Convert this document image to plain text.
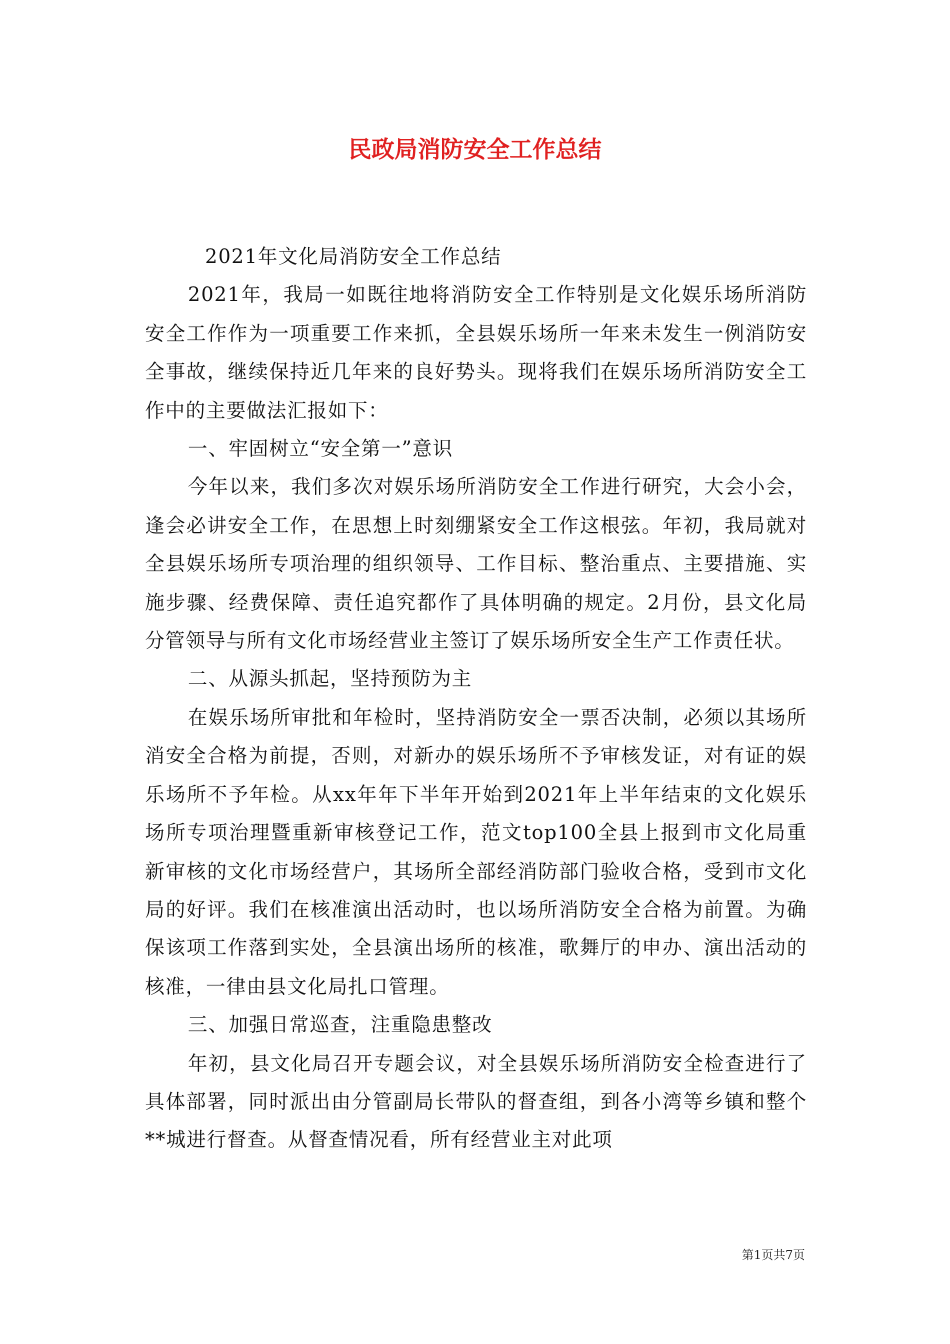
民政局消防安全工作总结

2021年文化局消防安全工作总结

2021年，我局一如既往地将消防安全工作特别是文化娱乐场所消防安全工作作为一项重要工作来抓，全县娱乐场所一年来未发生一例消防安全事故，继续保持近几年来的良好势头。现将我们在娱乐场所消防安全工作中的主要做法汇报如下：

一、牢固树立“安全第一”意识

今年以来，我们多次对娱乐场所消防安全工作进行研究，大会小会，逢会必讲安全工作，在思想上时刻绷紧安全工作这根弦。年初，我局就对全县娱乐场所专项治理的组织领导、工作目标、整治重点、主要措施、实施步骤、经费保障、责任追究都作了具体明确的规定。2月份，县文化局分管领导与所有文化市场经营业主签订了娱乐场所安全生产工作责任状。

二、从源头抓起，坚持预防为主

在娱乐场所审批和年检时，坚持消防安全一票否决制，必须以其场所消安全合格为前提，否则，对新办的娱乐场所不予审核发证，对有证的娱乐场所不予年检。从xx年年下半年开始到2021年上半年结束的文化娱乐场所专项治理暨重新审核登记工作，范文top100全县上报到市文化局重新审核的文化市场经营户，其场所全部经消防部门验收合格，受到市文化局的好评。我们在核准演出活动时，也以场所消防安全合格为前置。为确保该项工作落到实处，全县演出场所的核准，歌舞厅的申办、演出活动的核准，一律由县文化局扎口管理。

三、加强日常巡查，注重隐患整改

年初，县文化局召开专题会议，对全县娱乐场所消防安全检查进行了具体部署，同时派出由分管副局长带队的督查组，到各小湾等乡镇和整个**城进行督查。从督查情况看，所有经营业主对此项

第1页共7页
